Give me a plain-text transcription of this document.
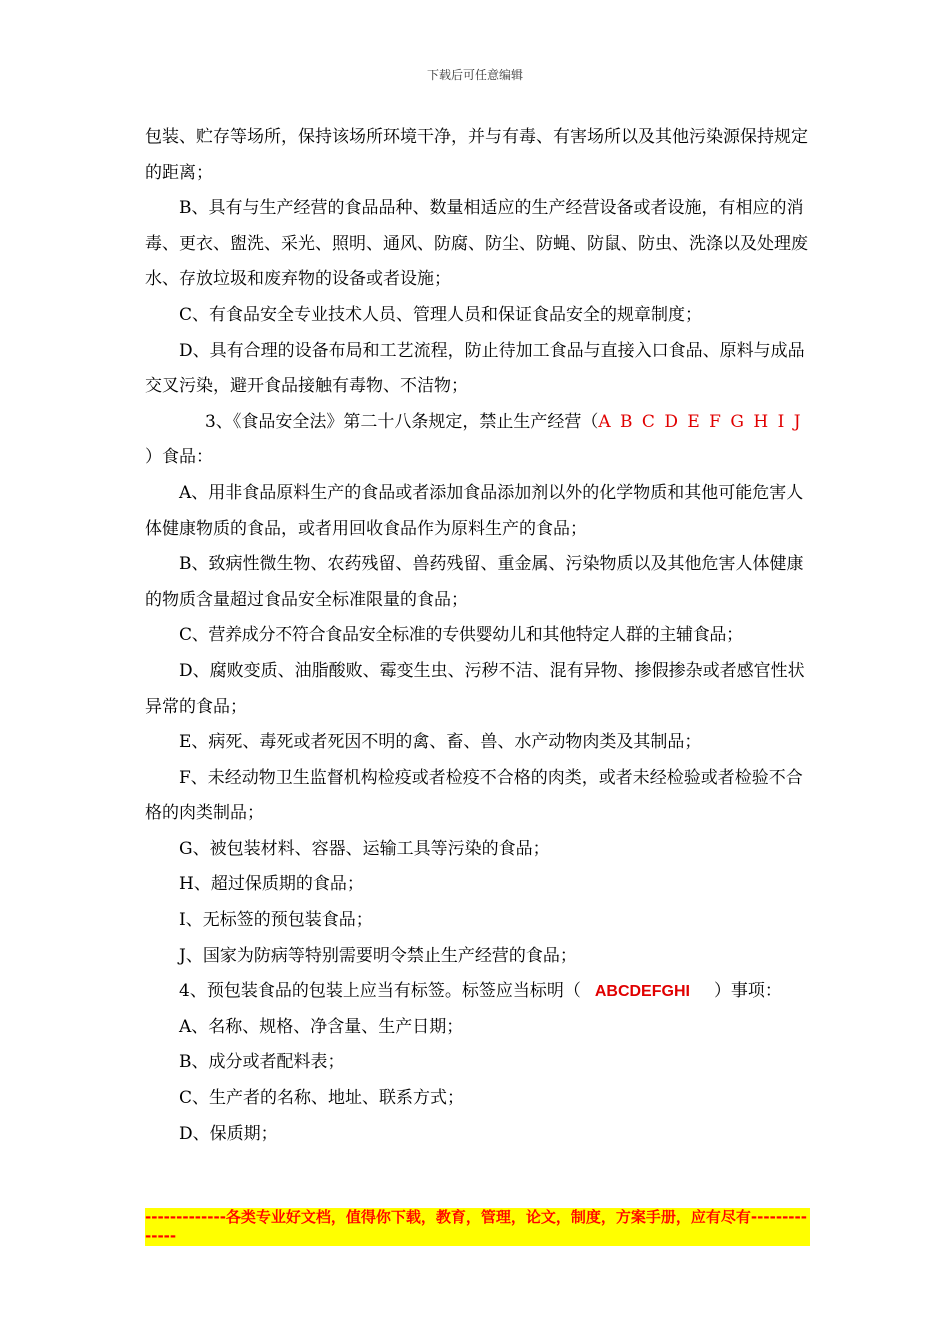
下载后可任意编辑

包装、贮存等场所，保持该场所环境干净，并与有毒、有害场所以及其他污染源保持规定的距离；

B、具有与生产经营的食品品种、数量相适应的生产经营设备或者设施，有相应的消毒、更衣、盥洗、采光、照明、通风、防腐、防尘、防蝇、防鼠、防虫、洗涤以及处理废水、存放垃圾和废弃物的设备或者设施；

C、有食品安全专业技术人员、管理人员和保证食品安全的规章制度；

D、具有合理的设备布局和工艺流程，防止待加工食品与直接入口食品、原料与成品交叉污染，避开食品接触有毒物、不洁物；

3、《食品安全法》第二十八条规定，禁止生产经营（A B C D E F G H I J ）食品：

A、用非食品原料生产的食品或者添加食品添加剂以外的化学物质和其他可能危害人体健康物质的食品，或者用回收食品作为原料生产的食品；

B、致病性微生物、农药残留、兽药残留、重金属、污染物质以及其他危害人体健康的物质含量超过食品安全标准限量的食品；

C、营养成分不符合食品安全标准的专供婴幼儿和其他特定人群的主辅食品；

D、腐败变质、油脂酸败、霉变生虫、污秽不洁、混有异物、掺假掺杂或者感官性状异常的食品；

E、病死、毒死或者死因不明的禽、畜、兽、水产动物肉类及其制品；

F、未经动物卫生监督机构检疫或者检疫不合格的肉类，或者未经检验或者检验不合格的肉类制品；

G、被包装材料、容器、运输工具等污染的食品；

H、超过保质期的食品；

I、无标签的预包装食品；

J、国家为防病等特别需要明令禁止生产经营的食品；

4、预包装食品的包装上应当有标签。标签应当标明（ ABCDEFGHI ）事项：

A、名称、规格、净含量、生产日期；

B、成分或者配料表；

C、生产者的名称、地址、联系方式；

D、保质期；

-------------各类专业好文档，值得你下载，教育，管理，论文，制度，方案手册，应有尽有--------------
